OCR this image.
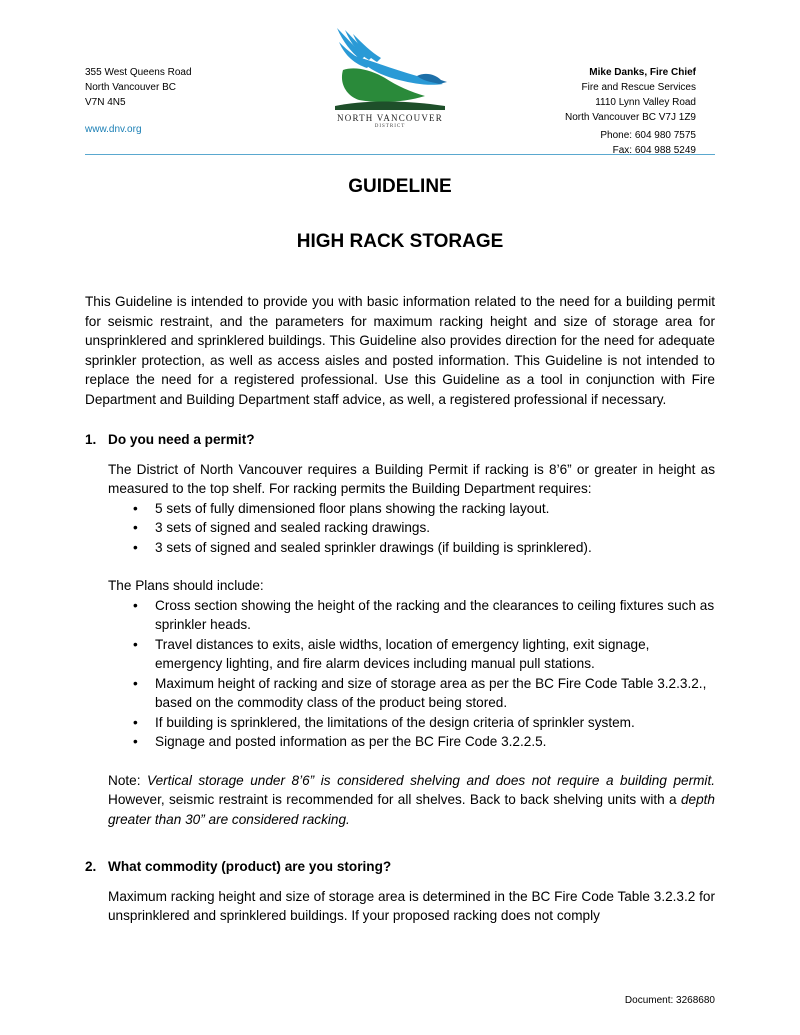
355 West Queens Road
North Vancouver BC
V7N 4N5
www.dnv.org
NORTH VANCOUVER
DISTRICT
Mike Danks, Fire Chief
Fire and Rescue Services
1110 Lynn Valley Road
North Vancouver BC V7J 1Z9
Phone: 604 980 7575
Fax: 604 988 5249
GUIDELINE
HIGH RACK STORAGE

This Guideline is intended to provide you with basic information related to the need for a building permit for seismic restraint, and the parameters for maximum racking height and size of storage area for unsprinklered and sprinklered buildings. This Guideline also provides direction for the need for adequate sprinkler protection, as well as access aisles and posted information. This Guideline is not intended to replace the need for a registered professional. Use this Guideline as a tool in conjunction with Fire Department and Building Department staff advice, as well, a registered professional if necessary.

1. Do you need a permit?

The District of North Vancouver requires a Building Permit if racking is 8’6” or greater in height as measured to the top shelf. For racking permits the Building Department requires:

• 5 sets of fully dimensioned floor plans showing the racking layout.
• 3 sets of signed and sealed racking drawings.
• 3 sets of signed and sealed sprinkler drawings (if building is sprinklered).

The Plans should include:

• Cross section showing the height of the racking and the clearances to ceiling fixtures such as sprinkler heads.
• Travel distances to exits, aisle widths, location of emergency lighting, exit signage, emergency lighting, and fire alarm devices including manual pull stations.
• Maximum height of racking and size of storage area as per the BC Fire Code Table 3.2.3.2., based on the commodity class of the product being stored.
• If building is sprinklered, the limitations of the design criteria of sprinkler system.
• Signage and posted information as per the BC Fire Code 3.2.2.5.

Note: Vertical storage under 8’6” is considered shelving and does not require a building permit. However, seismic restraint is recommended for all shelves. Back to back shelving units with a depth greater than 30” are considered racking.

2. What commodity (product) are you storing?

Maximum racking height and size of storage area is determined in the BC Fire Code Table 3.2.3.2 for unsprinklered and sprinklered buildings. If your proposed racking does not comply

Document: 3268680
